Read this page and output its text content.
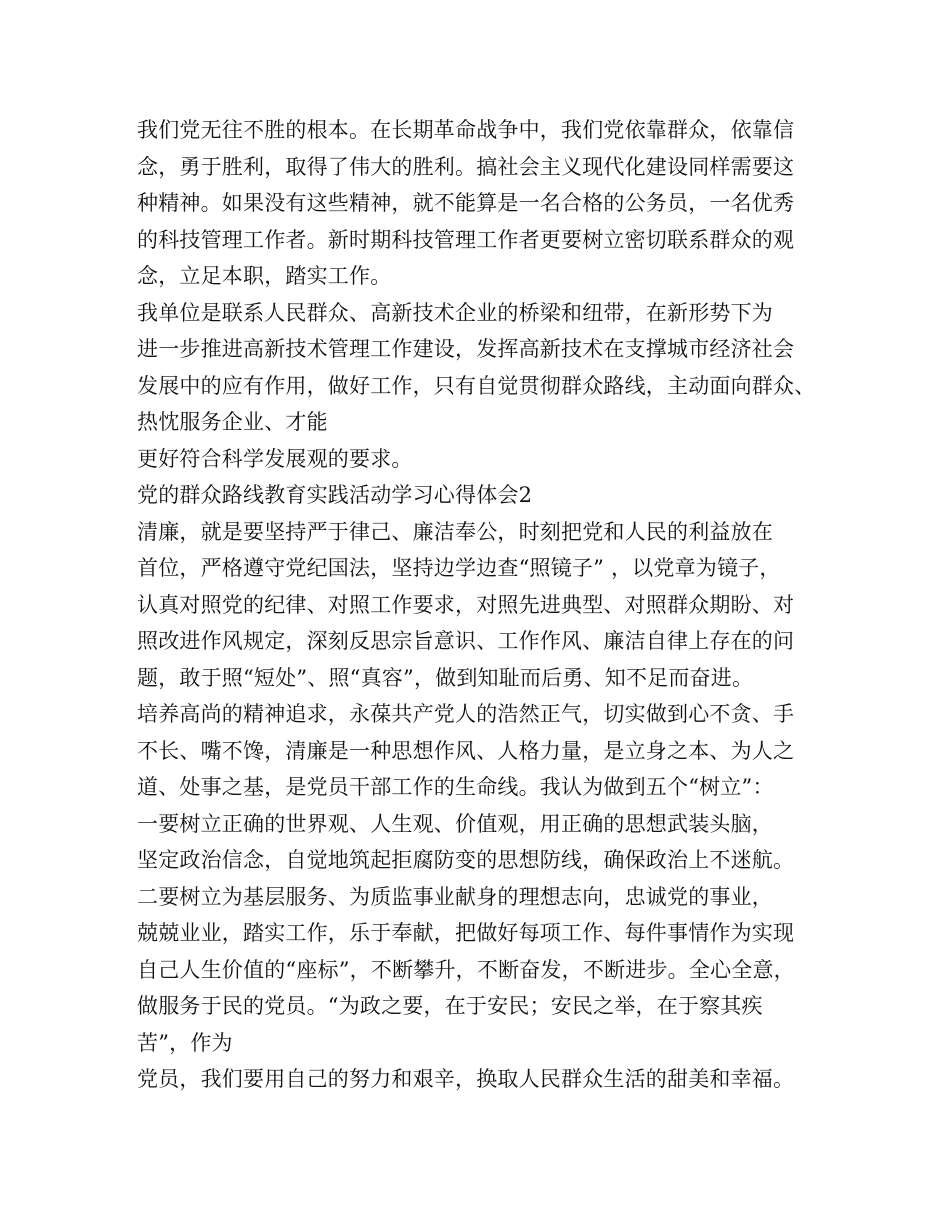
我们党无往不胜的根本。在长期革命战争中，我们党依靠群众，依靠信
念，勇于胜利，取得了伟大的胜利。搞社会主义现代化建设同样需要这
种精神。如果没有这些精神，就不能算是一名合格的公务员，一名优秀
的科技管理工作者。新时期科技管理工作者更要树立密切联系群众的观
念，立足本职，踏实工作。
我单位是联系人民群众、高新技术企业的桥梁和纽带，在新形势下为
进一步推进高新技术管理工作建设，发挥高新技术在支撑城市经济社会
发展中的应有作用，做好工作，只有自觉贯彻群众路线，主动面向群众、
热忱服务企业、才能
更好符合科学发展观的要求。
党的群众路线教育实践活动学习心得体会2
清廉，就是要坚持严于律己、廉洁奉公，时刻把党和人民的利益放在
首位，严格遵守党纪国法，坚持边学边查“照镜子” ，以党章为镜子，
认真对照党的纪律、对照工作要求，对照先进典型、对照群众期盼、对
照改进作风规定，深刻反思宗旨意识、工作作风、廉洁自律上存在的问
题，敢于照“短处”、照“真容”，做到知耻而后勇、知不足而奋进。
培养高尚的精神追求，永葆共产党人的浩然正气，切实做到心不贪、手
不长、嘴不馋，清廉是一种思想作风、人格力量，是立身之本、为人之
道、处事之基，是党员干部工作的生命线。我认为做到五个“树立”：
一要树立正确的世界观、人生观、价值观，用正确的思想武装头脑，
坚定政治信念，自觉地筑起拒腐防变的思想防线，确保政治上不迷航。
二要树立为基层服务、为质监事业献身的理想志向，忠诚党的事业，
兢兢业业，踏实工作，乐于奉献，把做好每项工作、每件事情作为实现
自己人生价值的“座标”，不断攀升，不断奋发，不断进步。全心全意，
做服务于民的党员。“为政之要，在于安民；安民之举，在于察其疾
苦”，作为
党员，我们要用自己的努力和艰辛，换取人民群众生活的甜美和幸福。
